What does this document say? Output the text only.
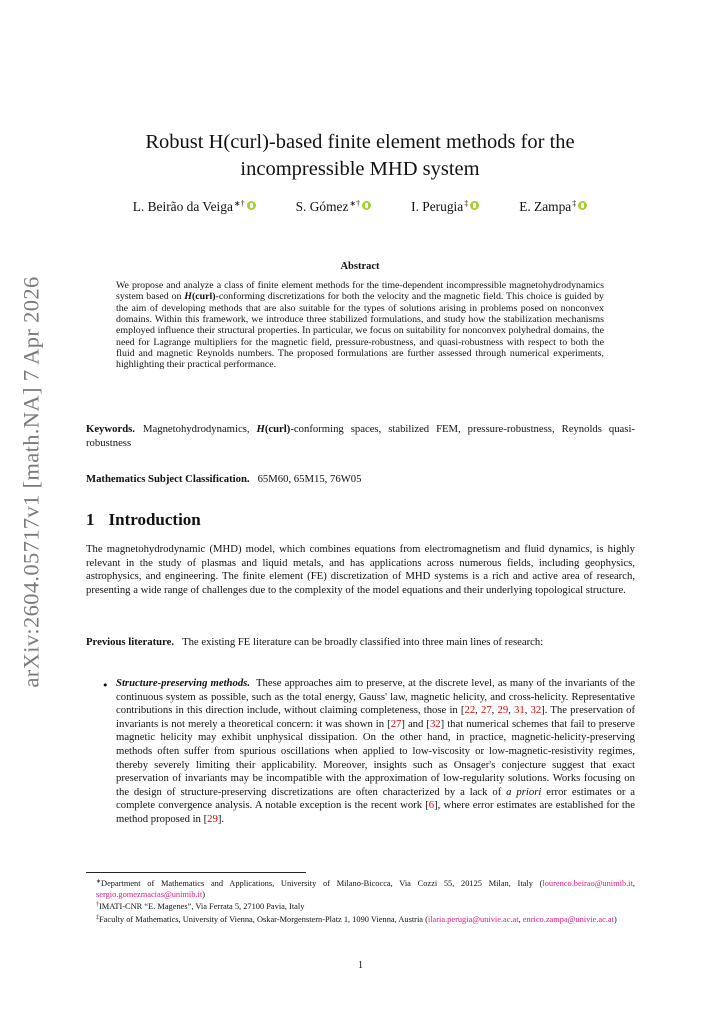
arXiv:2604.05717v1 [math.NA] 7 Apr 2026
Robust H(curl)-based finite element methods for the
incompressible MHD system
L. Beirão da Veiga∗†	S. Gómez∗†	I. Perugia‡	E. Zampa‡
Abstract
We propose and analyze a class of finite element methods for the time-dependent incompressible magnetohydrodynamics system based on H(curl)-conforming discretizations for both the velocity and the magnetic field. This choice is guided by the aim of developing methods that are also suitable for the types of solutions arising in problems posed on nonconvex domains. Within this framework, we introduce three stabilized formulations, and study how the stabilization mechanisms employed influence their structural properties. In particular, we focus on suitability for nonconvex polyhedral domains, the need for Lagrange multipliers for the magnetic field, pressure-robustness, and quasi-robustness with respect to both the fluid and magnetic Reynolds numbers. The proposed formulations are further assessed through numerical experiments, highlighting their practical performance.
Keywords. Magnetohydrodynamics, H(curl)-conforming spaces, stabilized FEM, pressure-robustness, Reynolds quasi-robustness
Mathematics Subject Classification. 65M60, 65M15, 76W05
1 Introduction
The magnetohydrodynamic (MHD) model, which combines equations from electromagnetism and fluid dynamics, is highly relevant in the study of plasmas and liquid metals, and has applications across numerous fields, including geophysics, astrophysics, and engineering. The finite element (FE) discretization of MHD systems is a rich and active area of research, presenting a wide range of challenges due to the complexity of the model equations and their underlying topological structure.
Previous literature. The existing FE literature can be broadly classified into three main lines of research:
• Structure-preserving methods. These approaches aim to preserve, at the discrete level, as many of the invariants of the continuous system as possible, such as the total energy, Gauss' law, magnetic helicity, and cross-helicity. Representative contributions in this direction include, without claiming completeness, those in [22, 27, 29, 31, 32]. The preservation of invariants is not merely a theoretical concern: it was shown in [27] and [32] that numerical schemes that fail to preserve magnetic helicity may exhibit unphysical dissipation. On the other hand, in practice, magnetic-helicity-preserving methods often suffer from spurious oscillations when applied to low-viscosity or low-magnetic-resistivity regimes, thereby severely limiting their applicability. Moreover, insights such as Onsager's conjecture suggest that exact preservation of invariants may be incompatible with the approximation of low-regularity solutions. Works focusing on the design of structure-preserving discretizations are often characterized by a lack of a priori error estimates or a complete convergence analysis. A notable exception is the recent work [6], where error estimates are established for the method proposed in [29].

∗Department of Mathematics and Applications, University of Milano-Bicocca, Via Cozzi 55, 20125 Milan, Italy (lourenco.beirao@unimib.it, sergio.gomezmacias@unimib.it)

†IMATI-CNR “E. Magenes”, Via Ferrata 5, 27100 Pavia, Italy

‡Faculty of Mathematics, University of Vienna, Oskar-Morgenstern-Platz 1, 1090 Vienna, Austria (ilaria.perugia@univie.ac.at, enrico.zampa@univie.ac.at)

1
